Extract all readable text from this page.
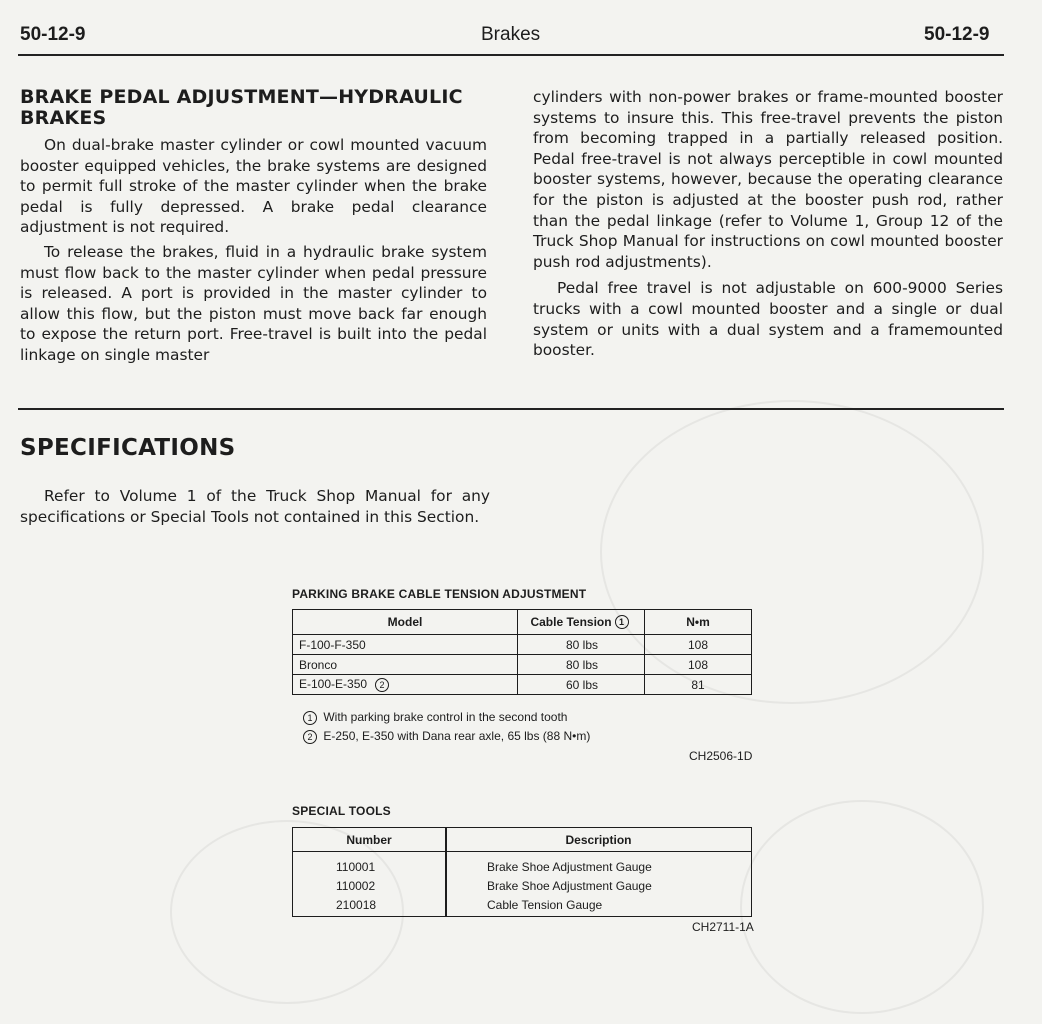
50-12-9	Brakes	50-12-9
BRAKE PEDAL ADJUSTMENT—HYDRAULIC
BRAKES

On dual-brake master cylinder or cowl mounted vacuum booster equipped vehicles, the brake systems are designed to permit full stroke of the master cylinder when the brake pedal is fully depressed. A brake pedal clearance adjustment is not required.

To release the brakes, fluid in a hydraulic brake system must flow back to the master cylinder when pedal pressure is released. A port is provided in the master cylinder to allow this flow, but the piston must move back far enough to expose the return port. Free-travel is built into the pedal linkage on single master

cylinders with non-power brakes or frame-mounted booster systems to insure this. This free-travel prevents the piston from becoming trapped in a partially released position. Pedal free-travel is not always perceptible in cowl mounted booster systems, however, because the operating clearance for the piston is adjusted at the booster push rod, rather than the pedal linkage (refer to Volume 1, Group 12 of the Truck Shop Manual for instructions on cowl mounted booster push rod adjustments).

Pedal free travel is not adjustable on 600-9000 Series trucks with a cowl mounted booster and a single or dual system or units with a dual system and a framemounted booster.

SPECIFICATIONS

Refer to Volume 1 of the Truck Shop Manual for any specifications or Special Tools not contained in this Section.

PARKING BRAKE CABLE TENSION ADJUSTMENT
Model	Cable Tension 1	N•m
F-100-F-350	80 lbs	108
Bronco	80 lbs	108
E-100-E-350 2	60 lbs	81
1 With parking brake control in the second tooth
2 E-250, E-350 with Dana rear axle, 65 lbs (88 N•m)
CH2506-1D
SPECIAL TOOLS
Number	Description
110001	Brake Shoe Adjustment Gauge
110002	Brake Shoe Adjustment Gauge
210018	Cable Tension Gauge
CH2711-1A
